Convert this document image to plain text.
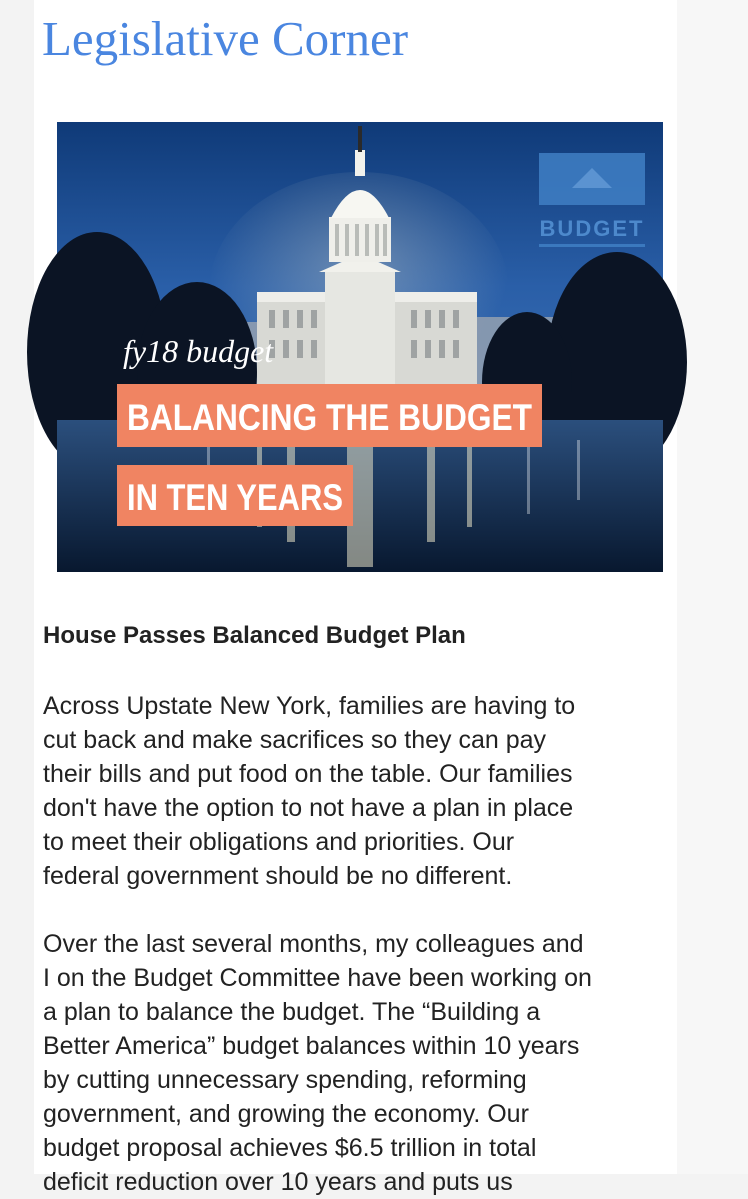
Legislative Corner
BUDGET
fy18 budget
BALANCING THE BUDGET
IN TEN YEARS
House Passes Balanced Budget Plan

Across Upstate New York, families are having to
cut back and make sacrifices so they can pay
their bills and put food on the table. Our families
don't have the option to not have a plan in place
to meet their obligations and priorities. Our
federal government should be no different.

Over the last several months, my colleagues and
I on the Budget Committee have been working on
a plan to balance the budget. The “Building a
Better America” budget balances within 10 years
by cutting unnecessary spending, reforming
government, and growing the economy. Our
budget proposal achieves $6.5 trillion in total
deficit reduction over 10 years and puts us
